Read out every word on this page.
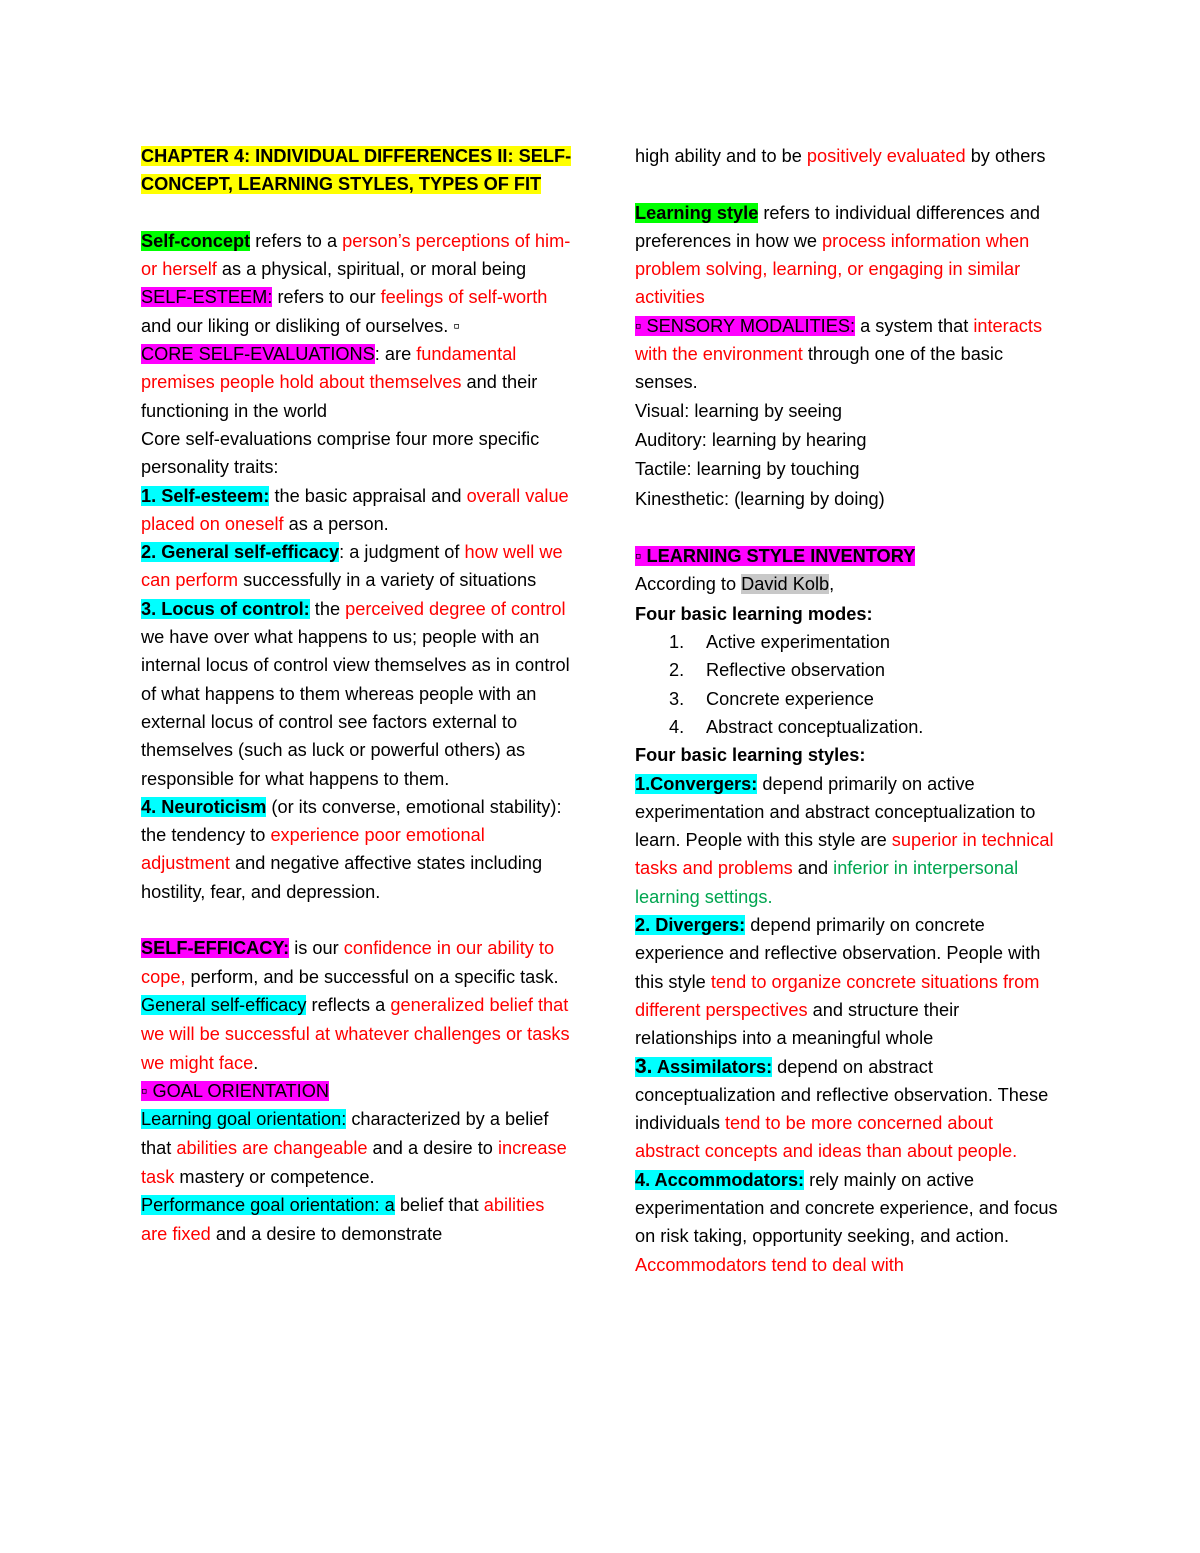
CHAPTER 4: INDIVIDUAL DIFFERENCES II: SELF-CONCEPT, LEARNING STYLES, TYPES OF FIT

Self-concept refers to a person’s perceptions of him- or herself as a physical, spiritual, or moral being

SELF-ESTEEM: refers to our feelings of self-worth and our liking or disliking of ourselves. ▫

CORE SELF-EVALUATIONS: are fundamental premises people hold about themselves and their functioning in the world

Core self-evaluations comprise four more specific personality traits:

1. Self-esteem: the basic appraisal and overall value placed on oneself as a person.

2. General self-efficacy: a judgment of how well we can perform successfully in a variety of situations

3. Locus of control: the perceived degree of control we have over what happens to us; people with an internal locus of control view themselves as in control of what happens to them whereas people with an external locus of control see factors external to themselves (such as luck or powerful others) as responsible for what happens to them.

4. Neuroticism (or its converse, emotional stability): the tendency to experience poor emotional adjustment and negative affective states including hostility, fear, and depression.

SELF-EFFICACY: is our confidence in our ability to cope, perform, and be successful on a specific task.

General self-efficacy reflects a generalized belief that we will be successful at whatever challenges or tasks we might face.

▫ GOAL ORIENTATION

Learning goal orientation: characterized by a belief that abilities are changeable and a desire to increase task mastery or competence.

Performance goal orientation: a belief that abilities are fixed and a desire to demonstrate

high ability and to be positively evaluated by others

Learning style refers to individual differences and preferences in how we process information when problem solving, learning, or engaging in similar activities

▫ SENSORY MODALITIES: a system that interacts with the environment through one of the basic senses.

Visual: learning by seeing

Auditory: learning by hearing

Tactile: learning by touching

Kinesthetic: (learning by doing)

▫ LEARNING STYLE INVENTORY

According to David Kolb,

Four basic learning modes:

1. Active experimentation
2. Reflective observation
3. Concrete experience
4. Abstract conceptualization.

Four basic learning styles:

1.Convergers: depend primarily on active experimentation and abstract conceptualization to learn. People with this style are superior in technical tasks and problems and inferior in interpersonal learning settings.

2. Divergers: depend primarily on concrete experience and reflective observation. People with this style tend to organize concrete situations from different perspectives and structure their relationships into a meaningful whole

3. Assimilators: depend on abstract conceptualization and reflective observation. These individuals tend to be more concerned about abstract concepts and ideas than about people.

4. Accommodators: rely mainly on active experimentation and concrete experience, and focus on risk taking, opportunity seeking, and action. Accommodators tend to deal with
